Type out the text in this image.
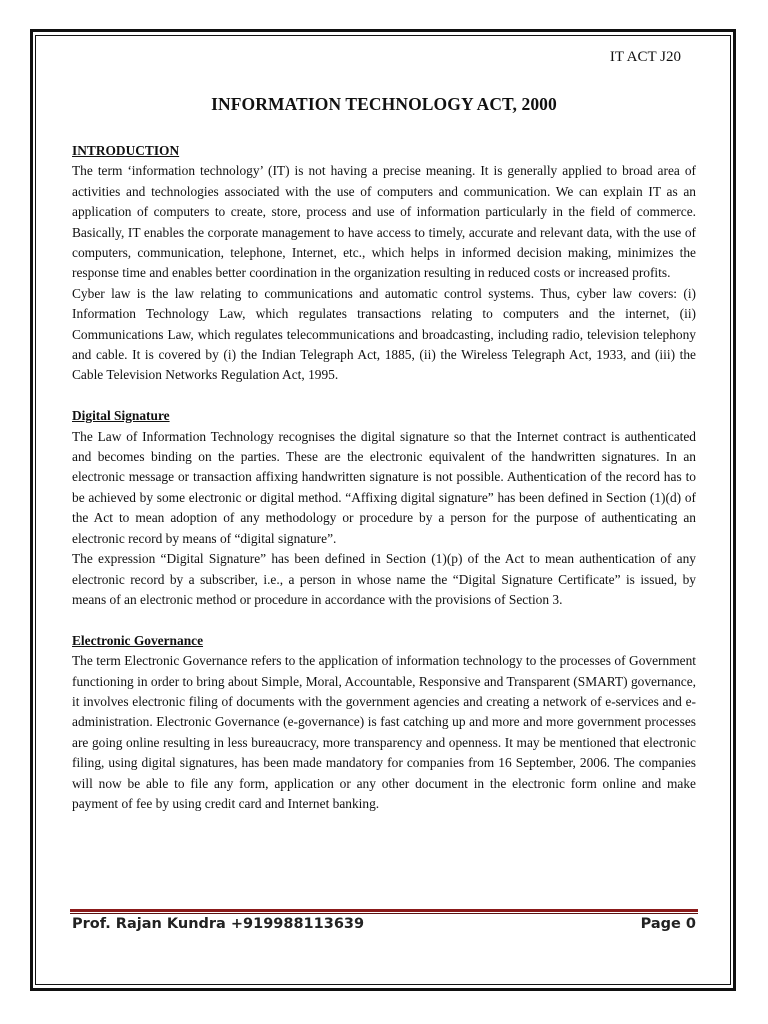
IT ACT J20
INFORMATION TECHNOLOGY ACT, 2000
INTRODUCTION

The term ‘information technology’ (IT) is not having a precise meaning. It is generally applied to broad area of activities and technologies associated with the use of computers and communication. We can explain IT as an application of computers to create, store, process and use of information particularly in the field of commerce. Basically, IT enables the corporate management to have access to timely, accurate and relevant data, with the use of computers, communication, telephone, Internet, etc., which helps in informed decision making, minimizes the response time and enables better coordination in the organization resulting in reduced costs or increased profits.

Cyber law is the law relating to communications and automatic control systems. Thus, cyber law covers: (i) Information Technology Law, which regulates transactions relating to computers and the internet, (ii) Communications Law, which regulates telecommunications and broadcasting, including radio, television telephony and cable. It is covered by (i) the Indian Telegraph Act, 1885, (ii) the Wireless Telegraph Act, 1933, and (iii) the Cable Television Networks Regulation Act, 1995.

Digital Signature

The Law of Information Technology recognises the digital signature so that the Internet contract is authenticated and becomes binding on the parties. These are the electronic equivalent of the handwritten signatures. In an electronic message or transaction affixing handwritten signature is not possible. Authentication of the record has to be achieved by some electronic or digital method. “Affixing digital signature” has been defined in Section (1)(d) of the Act to mean adoption of any methodology or procedure by a person for the purpose of authenticating an electronic record by means of “digital signature”.

The expression “Digital Signature” has been defined in Section (1)(p) of the Act to mean authentication of any electronic record by a subscriber, i.e., a person in whose name the “Digital Signature Certificate” is issued, by means of an electronic method or procedure in accordance with the provisions of Section 3.

Electronic Governance

The term Electronic Governance refers to the application of information technology to the processes of Government functioning in order to bring about Simple, Moral, Accountable, Responsive and Transparent (SMART) governance, it involves electronic filing of documents with the government agencies and creating a network of e-services and e-administration. Electronic Governance (e-governance) is fast catching up and more and more government processes are going online resulting in less bureaucracy, more transparency and openness. It may be mentioned that electronic filing, using digital signatures, has been made mandatory for companies from 16 September, 2006. The companies will now be able to file any form, application or any other document in the electronic form online and make payment of fee by using credit card and Internet banking.

Prof. Rajan Kundra +919988113639	Page 0
